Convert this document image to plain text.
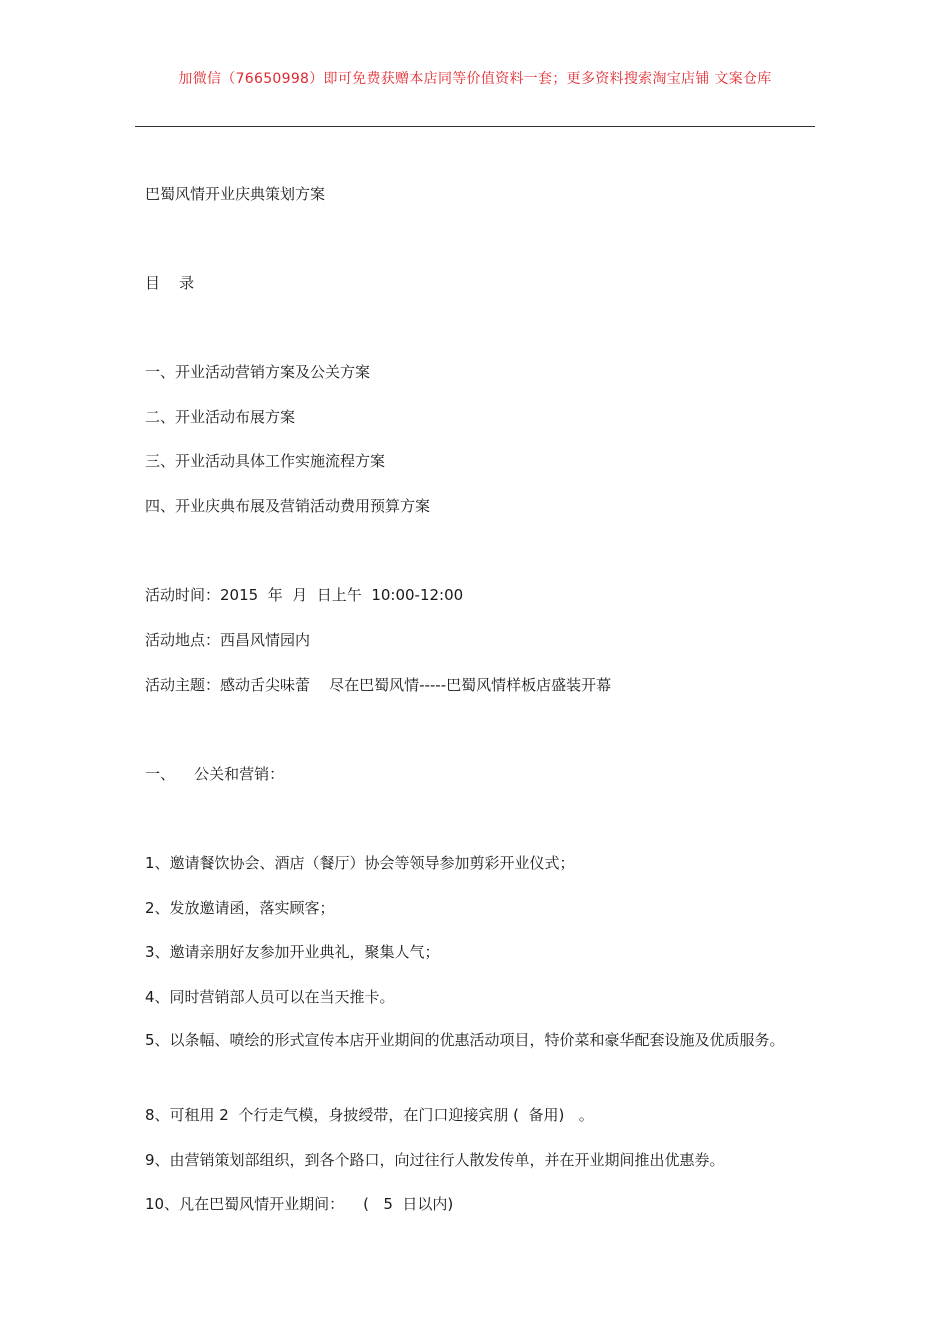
加微信（76650998）即可免费获赠本店同等价值资料一套；更多资料搜索淘宝店铺 文案仓库
巴蜀风情开业庆典策划方案
目    录
一、开业活动营销方案及公关方案
二、开业活动布展方案
三、开业活动具体工作实施流程方案
四、开业庆典布展及营销活动费用预算方案
活动时间：2015  年  月  日上午  10:00-12:00
活动地点：西昌风情园内
活动主题：感动舌尖味蕾    尽在巴蜀风情-----巴蜀风情样板店盛装开幕
一、    公关和营销：
1、邀请餐饮协会、酒店（餐厅）协会等领导参加剪彩开业仪式；
2、发放邀请函，落实顾客；
3、邀请亲朋好友参加开业典礼，聚集人气；
4、同时营销部人员可以在当天推卡。
5、以条幅、喷绘的形式宣传本店开业期间的优惠活动项目，特价菜和豪华配套设施及优质服务。
8、可租用 2  个行走气模，身披绶带，在门口迎接宾朋 (  备用)   。
9、由营销策划部组织，到各个路口，向过往行人散发传单，并在开业期间推出优惠券。
10、凡在巴蜀风情开业期间：    (   5  日以内)
